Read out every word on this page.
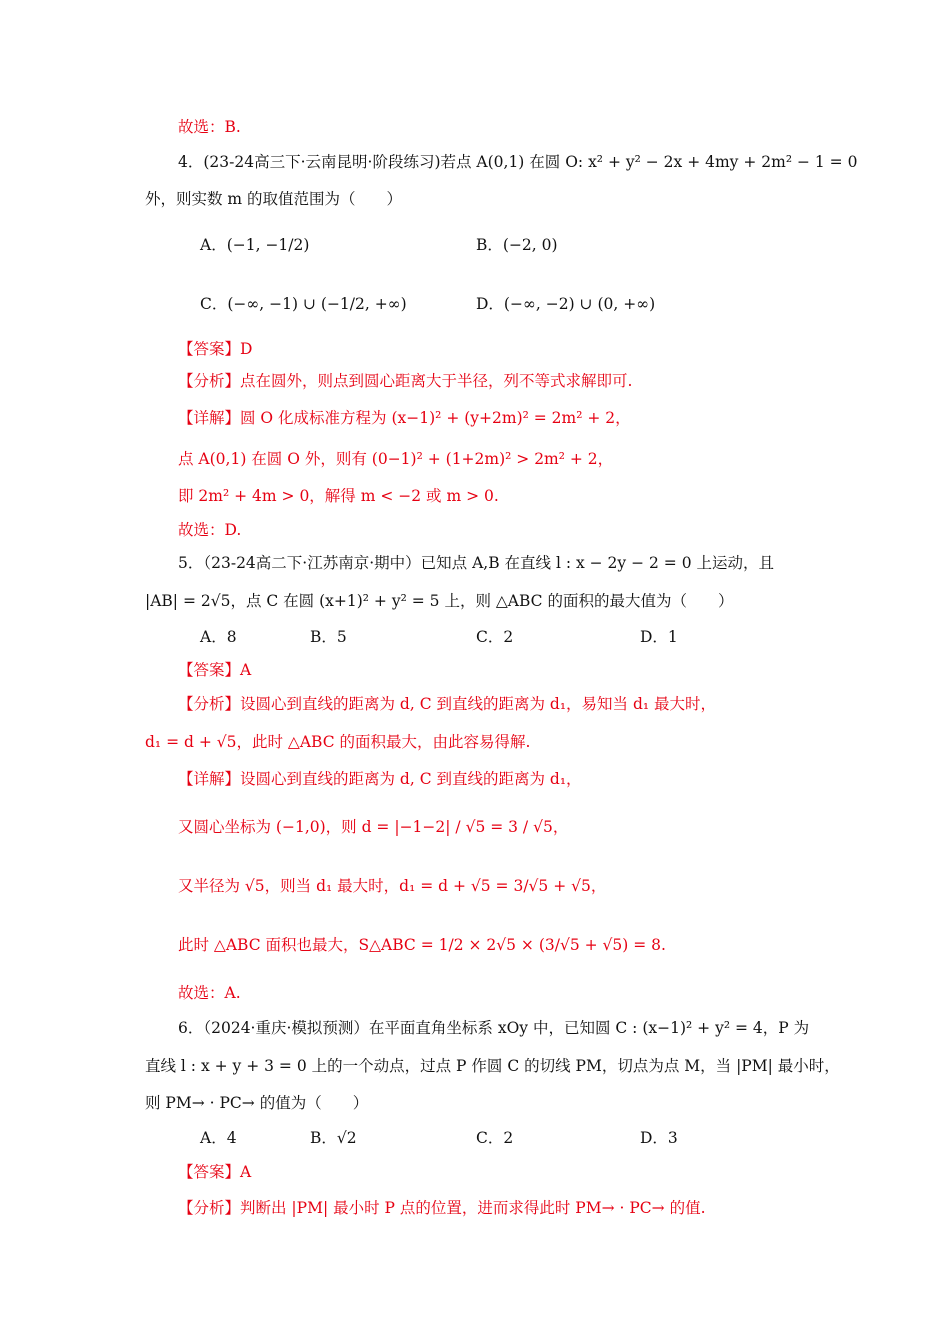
故选：B.
4．(23-24高三下·云南昆明·阶段练习)若点 A(0,1) 在圆 O: x² + y² − 2x + 4my + 2m² − 1 = 0
外，则实数 m 的取值范围为（　　）
A．(−1, −1/2)	B．(−2, 0)
C．(−∞, −1) ∪ (−1/2, +∞)	D．(−∞, −2) ∪ (0, +∞)
【答案】D
【分析】点在圆外，则点到圆心距离大于半径，列不等式求解即可.
【详解】圆 O 化成标准方程为 (x−1)² + (y+2m)² = 2m² + 2，
点 A(0,1) 在圆 O 外，则有 (0−1)² + (1+2m)² > 2m² + 2，
即 2m² + 4m > 0，解得 m < −2 或 m > 0.
故选：D.
5．（23-24高二下·江苏南京·期中）已知点 A,B 在直线 l : x − 2y − 2 = 0 上运动，且
|AB| = 2√5，点 C 在圆 (x+1)² + y² = 5 上，则 △ABC 的面积的最大值为（　　）
A．8	B．5	C．2	D．1
【答案】A
【分析】设圆心到直线的距离为 d, C 到直线的距离为 d₁，易知当 d₁ 最大时，
d₁ = d + √5，此时 △ABC 的面积最大，由此容易得解.
【详解】设圆心到直线的距离为 d, C 到直线的距离为 d₁，
又圆心坐标为 (−1,0)，则 d = |−1−2| / √5 = 3 / √5，
又半径为 √5，则当 d₁ 最大时，d₁ = d + √5 = 3/√5 + √5，
此时 △ABC 面积也最大，S△ABC = 1/2 × 2√5 × (3/√5 + √5) = 8.
故选：A.
6．（2024·重庆·模拟预测）在平面直角坐标系 xOy 中，已知圆 C : (x−1)² + y² = 4，P 为
直线 l : x + y + 3 = 0 上的一个动点，过点 P 作圆 C 的切线 PM，切点为点 M，当 |PM| 最小时，
则 PM→ · PC→ 的值为（　　）
A．4	B．√2	C．2	D．3
【答案】A
【分析】判断出 |PM| 最小时 P 点的位置，进而求得此时 PM→ · PC→ 的值.
